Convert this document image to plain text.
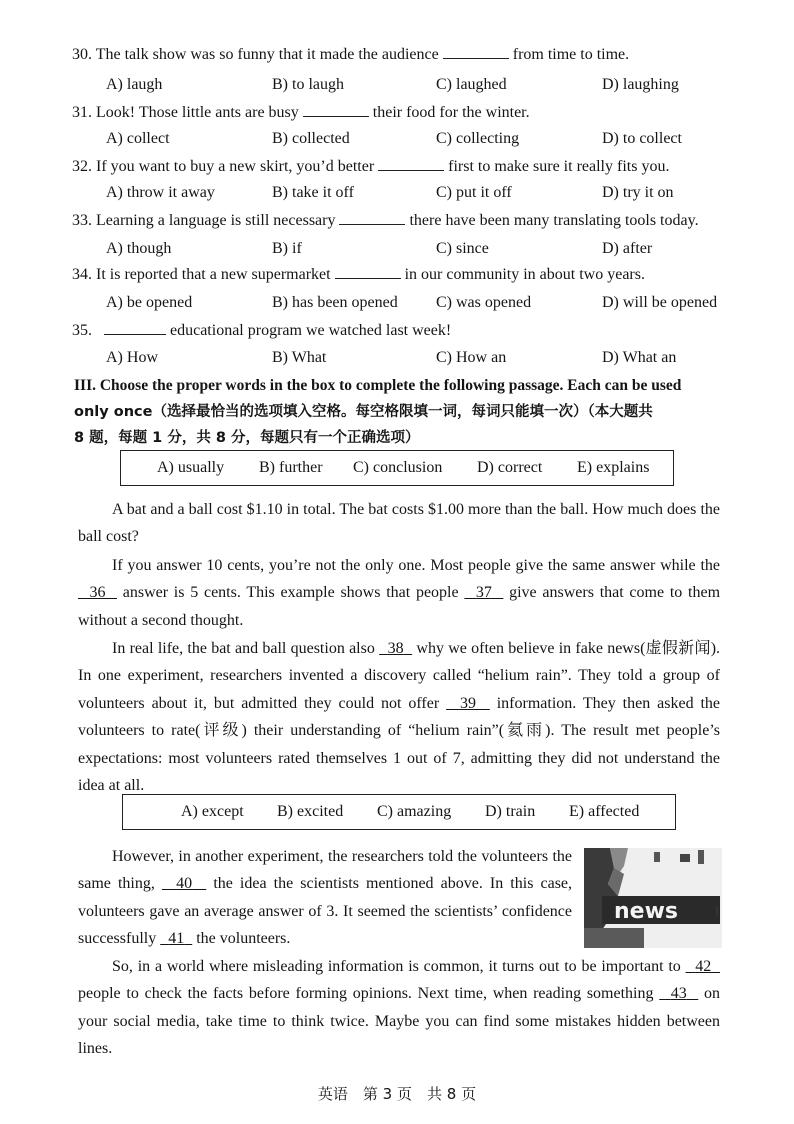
30. The talk show was so funny that it made the audience	from time to time.
A) laugh	B) to laugh	C) laughed	D) laughing
31. Look! Those little ants are busy	their food for the winter.
A) collect	B) collected	C) collecting	D) to collect
32. If you want to buy a new skirt, you’d better	first to make sure it really fits you.
A) throw it away	B) take it off	C) put it off	D) try it on
33. Learning a language is still necessary	there have been many translating tools today.
A) though	B) if	C) since	D) after
34. It is reported that a new supermarket	in our community in about two years.
A) be opened	B) has been opened C) was opened	D) will be opened
35.	educational program we watched last week!
A) How	B) What	C) How an	D) What an
III. Choose the proper words in the box to complete the following passage. Each can be used
only once（选择最恰当的选项填入空格。每空格限填一词，每词只能填一次）（本大题共
8 题，每题 1 分，共 8 分，每题只有一个正确选项）
A) usually B) further C) conclusion D) correct E) explains

A bat and a ball cost $1.10 in total. The bat costs $1.00 more than the ball. How much does the ball cost?

If you answer 10 cents, you’re not the only one. Most people give the same answer while the   36 answer is 5 cents. This example shows that people 37 give answers that come to them without a second thought.

In real life, the bat and ball question also 38 why we often believe in fake news(虚假新闻). In one experiment, researchers invented a discovery called “helium rain”. They told a group of volunteers about it, but admitted they could not offer 39 information. They then asked the volunteers to rate(评级) their understanding of “helium rain”(氦雨). The result met people’s expectations: most volunteers rated themselves 1 out of 7, admitting they did not understand the idea at all.

A) except B) excited C) amazing D) train E) affected

However, in another experiment, the researchers told the volunteers the same thing, 40 the idea the scientists mentioned above. In this case, volunteers gave an average answer of 3. It seemed the scientists’ confidence successfully 41 the volunteers.

news

So, in a world where misleading information is common, it turns out to be important to 42   people to check the facts before forming opinions. Next time, when reading something 43 on your social media, take time to think twice. Maybe you can find some mistakes hidden between lines.

英语　第 3 页　共 8 页
